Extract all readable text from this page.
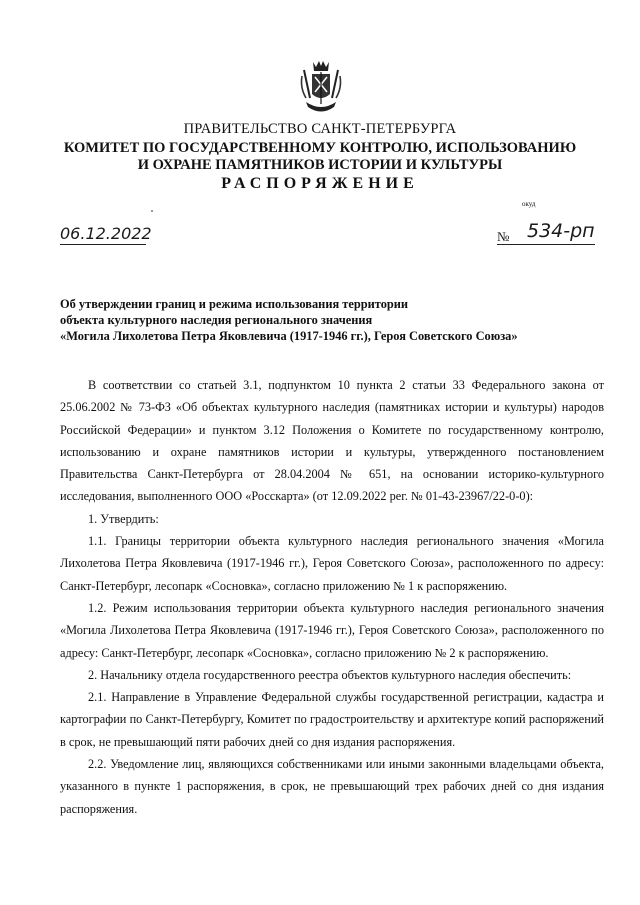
ПРАВИТЕЛЬСТВО САНКТ-ПЕТЕРБУРГА
КОМИТЕТ ПО ГОСУДАРСТВЕННОМУ КОНТРОЛЮ, ИСПОЛЬЗОВАНИЮ
И ОХРАНЕ ПАМЯТНИКОВ ИСТОРИИ И КУЛЬТУРЫ
РАСПОРЯЖЕНИЕ
окуд
06.12.2022	№ 534-рп
Об утверждении границ и режима использования территории
объекта культурного наследия регионального значения
«Могила Лихолетова Петра Яковлевича (1917-1946 гг.), Героя Советского Союза»

В соответствии со статьей 3.1, подпунктом 10 пункта 2 статьи 33 Федерального закона от 25.06.2002 № 73-ФЗ «Об объектах культурного наследия (памятниках истории и культуры) народов Российской Федерации» и пунктом 3.12 Положения о Комитете по государственному контролю, использованию и охране памятников истории и культуры, утвержденного постановлением Правительства Санкт-Петербурга от 28.04.2004 № 651, на основании историко-культурного исследования, выполненного ООО «Росскарта» (от 12.09.2022 рег. № 01-43-23967/22-0-0):

1. Утвердить:

1.1. Границы территории объекта культурного наследия регионального значения «Могила Лихолетова Петра Яковлевича (1917-1946 гг.), Героя Советского Союза», расположенного по адресу: Санкт-Петербург, лесопарк «Сосновка», согласно приложению № 1 к распоряжению.

1.2. Режим использования территории объекта культурного наследия регионального значения «Могила Лихолетова Петра Яковлевича (1917-1946 гг.), Героя Советского Союза», расположенного по адресу: Санкт-Петербург, лесопарк «Сосновка», согласно приложению № 2 к распоряжению.

2. Начальнику отдела государственного реестра объектов культурного наследия обеспечить:

2.1. Направление в Управление Федеральной службы государственной регистрации, кадастра и картографии по Санкт-Петербургу, Комитет по градостроительству и архитектуре копий распоряжений в срок, не превышающий пяти рабочих дней со дня издания распоряжения.

2.2. Уведомление лиц, являющихся собственниками или иными законными владельцами объекта, указанного в пункте 1 распоряжения, в срок, не превышающий трех рабочих дней со дня издания распоряжения.
